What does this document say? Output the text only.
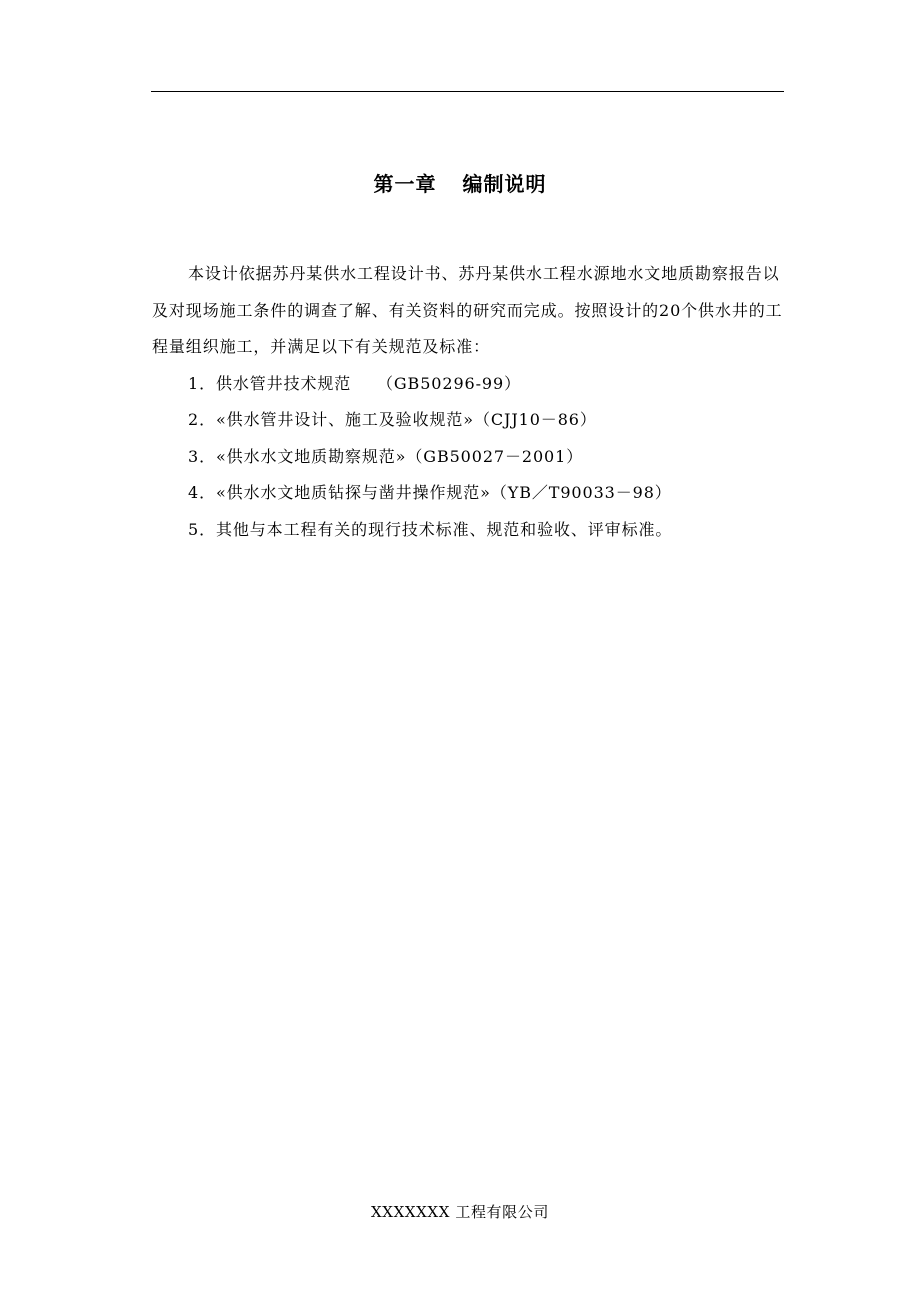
第一章 编制说明

本设计依据苏丹某供水工程设计书、苏丹某供水工程水源地水文地质勘察报告以及对现场施工条件的调查了解、有关资料的研究而完成。按照设计的20个供水井的工程量组织施工，并满足以下有关规范及标准：

1．供水管井技术规范　　（GB50296-99）
2．«供水管井设计、施工及验收规范»（CJJ10－86）
3．«供水水文地质勘察规范»（GB50027－2001）
4．«供水水文地质钻探与凿井操作规范»（YB／T90033－98）
5．其他与本工程有关的现行技术标准、规范和验收、评审标准。
XXXXXXX 工程有限公司
